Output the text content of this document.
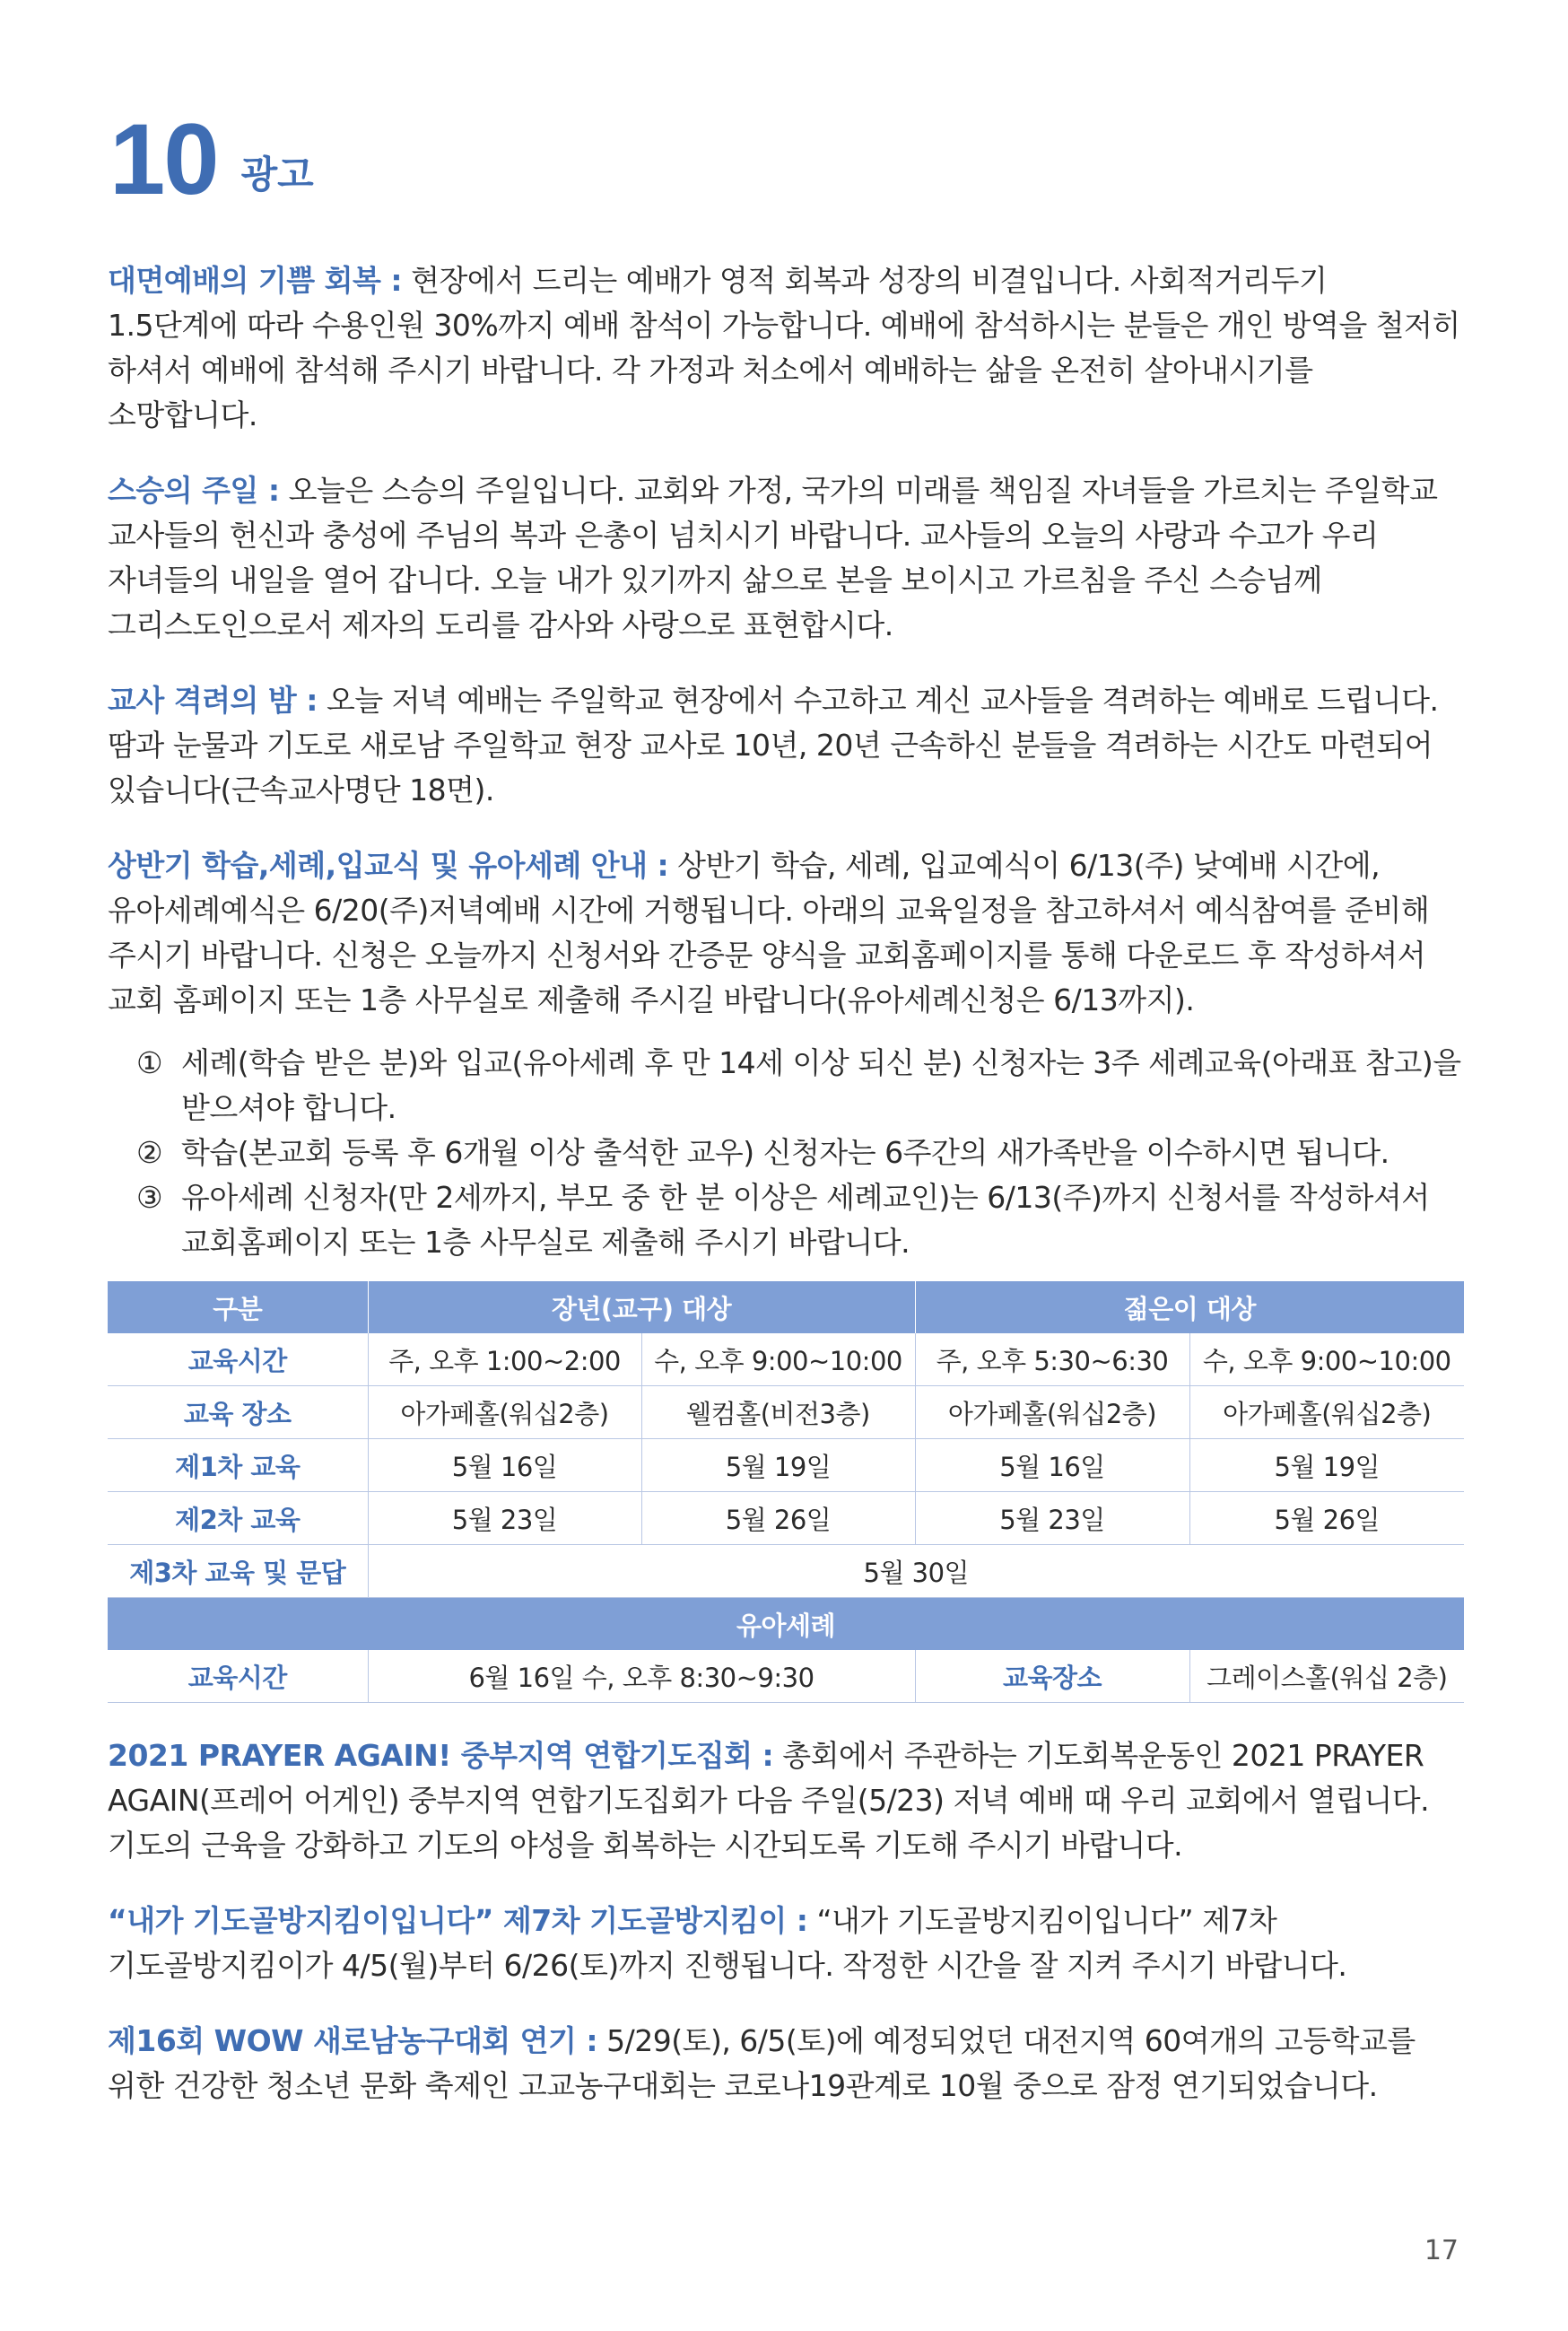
10 광고

대면예배의 기쁨 회복 : 현장에서 드리는 예배가 영적 회복과 성장의 비결입니다. 사회적거리두기 1.5단계에 따라 수용인원 30%까지 예배 참석이 가능합니다. 예배에 참석하시는 분들은 개인 방역을 철저히 하셔서 예배에 참석해 주시기 바랍니다. 각 가정과 처소에서 예배하는 삶을 온전히 살아내시기를 소망합니다.

스승의 주일 : 오늘은 스승의 주일입니다. 교회와 가정, 국가의 미래를 책임질 자녀들을 가르치는 주일학교 교사들의 헌신과 충성에 주님의 복과 은총이 넘치시기 바랍니다. 교사들의 오늘의 사랑과 수고가 우리 자녀들의 내일을 열어 갑니다. 오늘 내가 있기까지 삶으로 본을 보이시고 가르침을 주신 스승님께 그리스도인으로서 제자의 도리를 감사와 사랑으로 표현합시다.

교사 격려의 밤 : 오늘 저녁 예배는 주일학교 현장에서 수고하고 계신 교사들을 격려하는 예배로 드립니다. 땀과 눈물과 기도로 새로남 주일학교 현장 교사로 10년, 20년 근속하신 분들을 격려하는 시간도 마련되어 있습니다(근속교사명단 18면).

상반기 학습,세례,입교식 및 유아세례 안내 : 상반기 학습, 세례, 입교예식이 6/13(주) 낮예배 시간에, 유아세례예식은 6/20(주)저녁예배 시간에 거행됩니다. 아래의 교육일정을 참고하셔서 예식참여를 준비해 주시기 바랍니다. 신청은 오늘까지 신청서와 간증문 양식을 교회홈페이지를 통해 다운로드 후 작성하셔서 교회 홈페이지 또는 1층 사무실로 제출해 주시길 바랍니다(유아세례신청은 6/13까지).

① 세례(학습 받은 분)와 입교(유아세례 후 만 14세 이상 되신 분) 신청자는 3주 세례교육(아래표 참고)을 받으셔야 합니다.
② 학습(본교회 등록 후 6개월 이상 출석한 교우) 신청자는 6주간의 새가족반을 이수하시면 됩니다.
③ 유아세례 신청자(만 2세까지, 부모 중 한 분 이상은 세례교인)는 6/13(주)까지 신청서를 작성하셔서 교회홈페이지 또는 1층 사무실로 제출해 주시기 바랍니다.
구분	장년(교구) 대상		젊은이 대상	
교육시간	주, 오후 1:00~2:00	수, 오후 9:00~10:00	주, 오후 5:30~6:30	수, 오후 9:00~10:00
교육 장소	아가페홀(워십2층)	웰컴홀(비전3층)	아가페홀(워십2층)	아가페홀(워십2층)
제1차 교육	5월 16일	5월 19일	5월 16일	5월 19일
제2차 교육	5월 23일	5월 26일	5월 23일	5월 26일
제3차 교육 및 문답	5월 30일			
유아세례				
교육시간	6월 16일 수, 오후 8:30~9:30		교육장소	그레이스홀(워십 2층)

2021 PRAYER AGAIN! 중부지역 연합기도집회 : 총회에서 주관하는 기도회복운동인 2021 PRAYER AGAIN(프레어 어게인) 중부지역 연합기도집회가 다음 주일(5/23) 저녁 예배 때 우리 교회에서 열립니다. 기도의 근육을 강화하고 기도의 야성을 회복하는 시간되도록 기도해 주시기 바랍니다.

“내가 기도골방지킴이입니다” 제7차 기도골방지킴이 : “내가 기도골방지킴이입니다” 제7차 기도골방지킴이가 4/5(월)부터 6/26(토)까지 진행됩니다. 작정한 시간을 잘 지켜 주시기 바랍니다.

제16회 WOW 새로남농구대회 연기 : 5/29(토), 6/5(토)에 예정되었던 대전지역 60여개의 고등학교를 위한 건강한 청소년 문화 축제인 고교농구대회는 코로나19관계로 10월 중으로 잠정 연기되었습니다.

17
